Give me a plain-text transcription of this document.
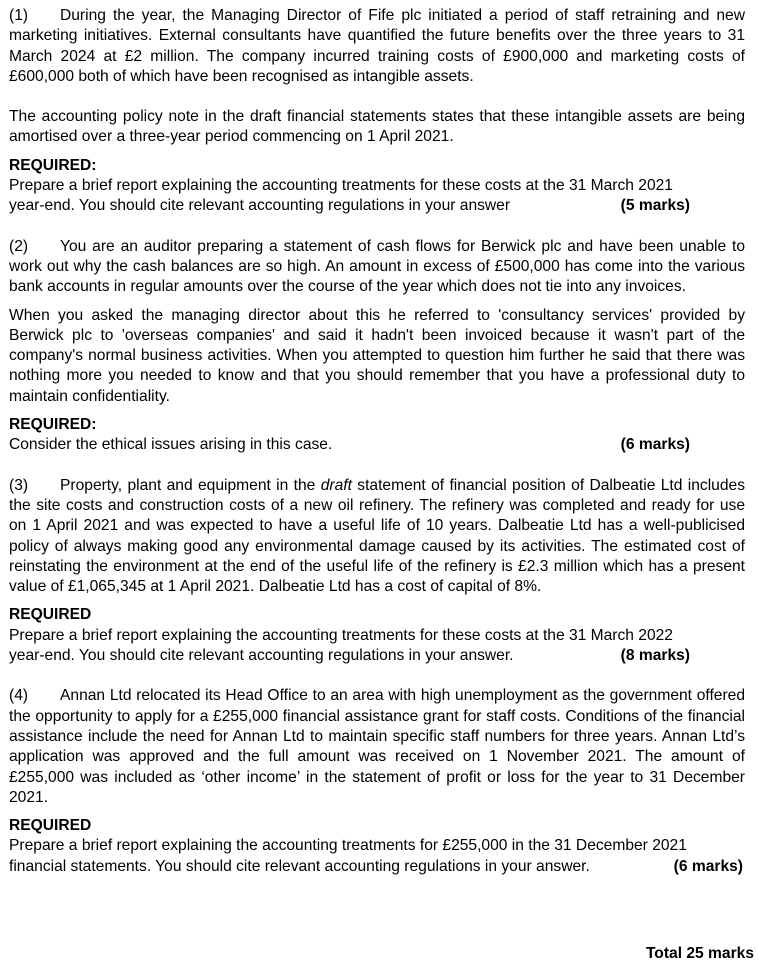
(1) During the year, the Managing Director of Fife plc initiated a period of staff retraining and new marketing initiatives. External consultants have quantified the future benefits over the three years to 31 March 2024 at £2 million. The company incurred training costs of £900,000 and marketing costs of £600,000 both of which have been recognised as intangible assets.

The accounting policy note in the draft financial statements states that these intangible assets are being amortised over a three-year period commencing on 1 April 2021.

REQUIRED:

Prepare a brief report explaining the accounting treatments for these costs at the 31 March 2021

year-end. You should cite relevant accounting regulations in your answer	(5 marks)

(2) You are an auditor preparing a statement of cash flows for Berwick plc and have been unable to work out why the cash balances are so high. An amount in excess of £500,000 has come into the various bank accounts in regular amounts over the course of the year which does not tie into any invoices.

When you asked the managing director about this he referred to 'consultancy services' provided by Berwick plc to 'overseas companies' and said it hadn't been invoiced because it wasn't part of the company's normal business activities. When you attempted to question him further he said that there was nothing more you needed to know and that you should remember that you have a professional duty to maintain confidentiality.

REQUIRED:

Consider the ethical issues arising in this case.	(6 marks)

(3) Property, plant and equipment in the draft statement of financial position of Dalbeatie Ltd includes the site costs and construction costs of a new oil refinery. The refinery was completed and ready for use on 1 April 2021 and was expected to have a useful life of 10 years. Dalbeatie Ltd has a well-publicised policy of always making good any environmental damage caused by its activities. The estimated cost of reinstating the environment at the end of the useful life of the refinery is £2.3 million which has a present value of £1,065,345 at 1 April 2021. Dalbeatie Ltd has a cost of capital of 8%.

REQUIRED

Prepare a brief report explaining the accounting treatments for these costs at the 31 March 2022

year-end. You should cite relevant accounting regulations in your answer.	(8 marks)

(4) Annan Ltd relocated its Head Office to an area with high unemployment as the government offered the opportunity to apply for a £255,000 financial assistance grant for staff costs. Conditions of the financial assistance include the need for Annan Ltd to maintain specific staff numbers for three years. Annan Ltd’s application was approved and the full amount was received on 1 November 2021. The amount of £255,000 was included as ‘other income’ in the statement of profit or loss for the year to 31 December 2021.

REQUIRED

Prepare a brief report explaining the accounting treatments for £255,000 in the 31 December 2021

financial statements. You should cite relevant accounting regulations in your answer.	(6 marks)
Total 25 marks
